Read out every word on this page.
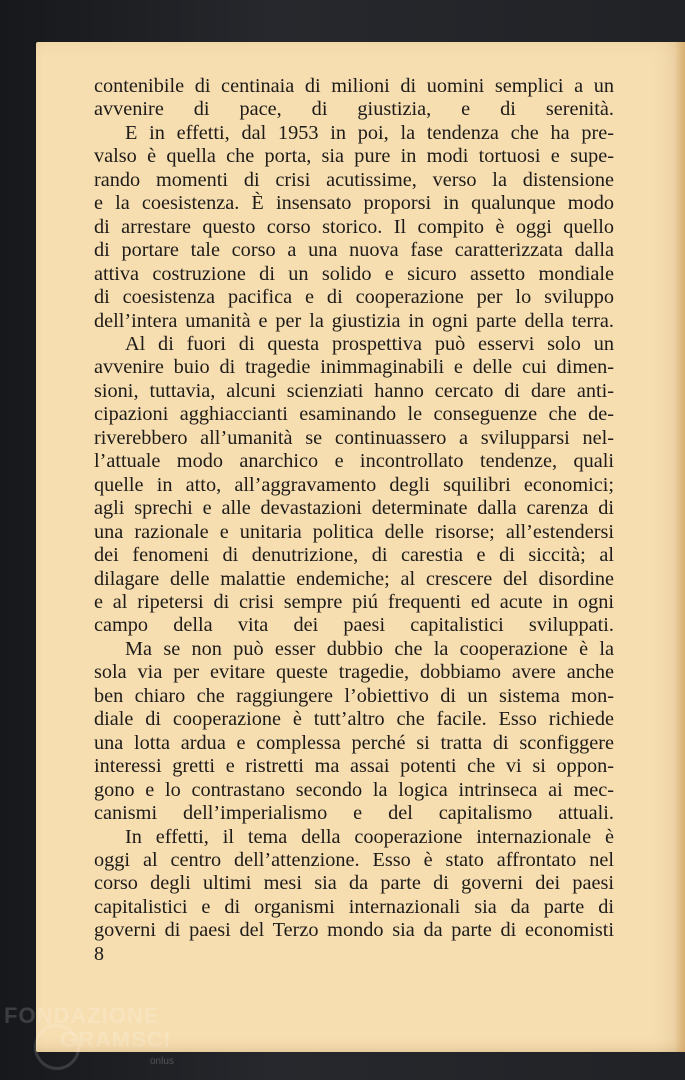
contenibile di centinaia di milioni di uomini semplici a un
avvenire di pace, di giustizia, e di serenità.

E in effetti, dal 1953 in poi, la tendenza che ha pre-
valso è quella che porta, sia pure in modi tortuosi e supe-
rando momenti di crisi acutissime, verso la distensione
e la coesistenza. È insensato proporsi in qualunque modo
di arrestare questo corso storico. Il compito è oggi quello
di portare tale corso a una nuova fase caratterizzata dalla
attiva costruzione di un solido e sicuro assetto mondiale
di coesistenza pacifica e di cooperazione per lo sviluppo
dell’intera umanità e per la giustizia in ogni parte della terra.

Al di fuori di questa prospettiva può esservi solo un
avvenire buio di tragedie inimmaginabili e delle cui dimen-
sioni, tuttavia, alcuni scienziati hanno cercato di dare anti-
cipazioni agghiaccianti esaminando le conseguenze che de-
riverebbero all’umanità se continuassero a svilupparsi nel-
l’attuale modo anarchico e incontrollato tendenze, quali
quelle in atto, all’aggravamento degli squilibri economici;
agli sprechi e alle devastazioni determinate dalla carenza di
una razionale e unitaria politica delle risorse; all’estendersi
dei fenomeni di denutrizione, di carestia e di siccità; al
dilagare delle malattie endemiche; al crescere del disordine
e al ripetersi di crisi sempre piú frequenti ed acute in ogni
campo della vita dei paesi capitalistici sviluppati.

Ma se non può esser dubbio che la cooperazione è la
sola via per evitare queste tragedie, dobbiamo avere anche
ben chiaro che raggiungere l’obiettivo di un sistema mon-
diale di cooperazione è tutt’altro che facile. Esso richiede
una lotta ardua e complessa perché si tratta di sconfiggere
interessi gretti e ristretti ma assai potenti che vi si oppon-
gono e lo contrastano secondo la logica intrinseca ai mec-
canismi dell’imperialismo e del capitalismo attuali.

In effetti, il tema della cooperazione internazionale è
oggi al centro dell’attenzione. Esso è stato affrontato nel
corso degli ultimi mesi sia da parte di governi dei paesi
capitalistici e di organismi internazionali sia da parte di
governi di paesi del Terzo mondo sia da parte di economisti

8
FONDAZIONE
GRAMSCI
onlus
